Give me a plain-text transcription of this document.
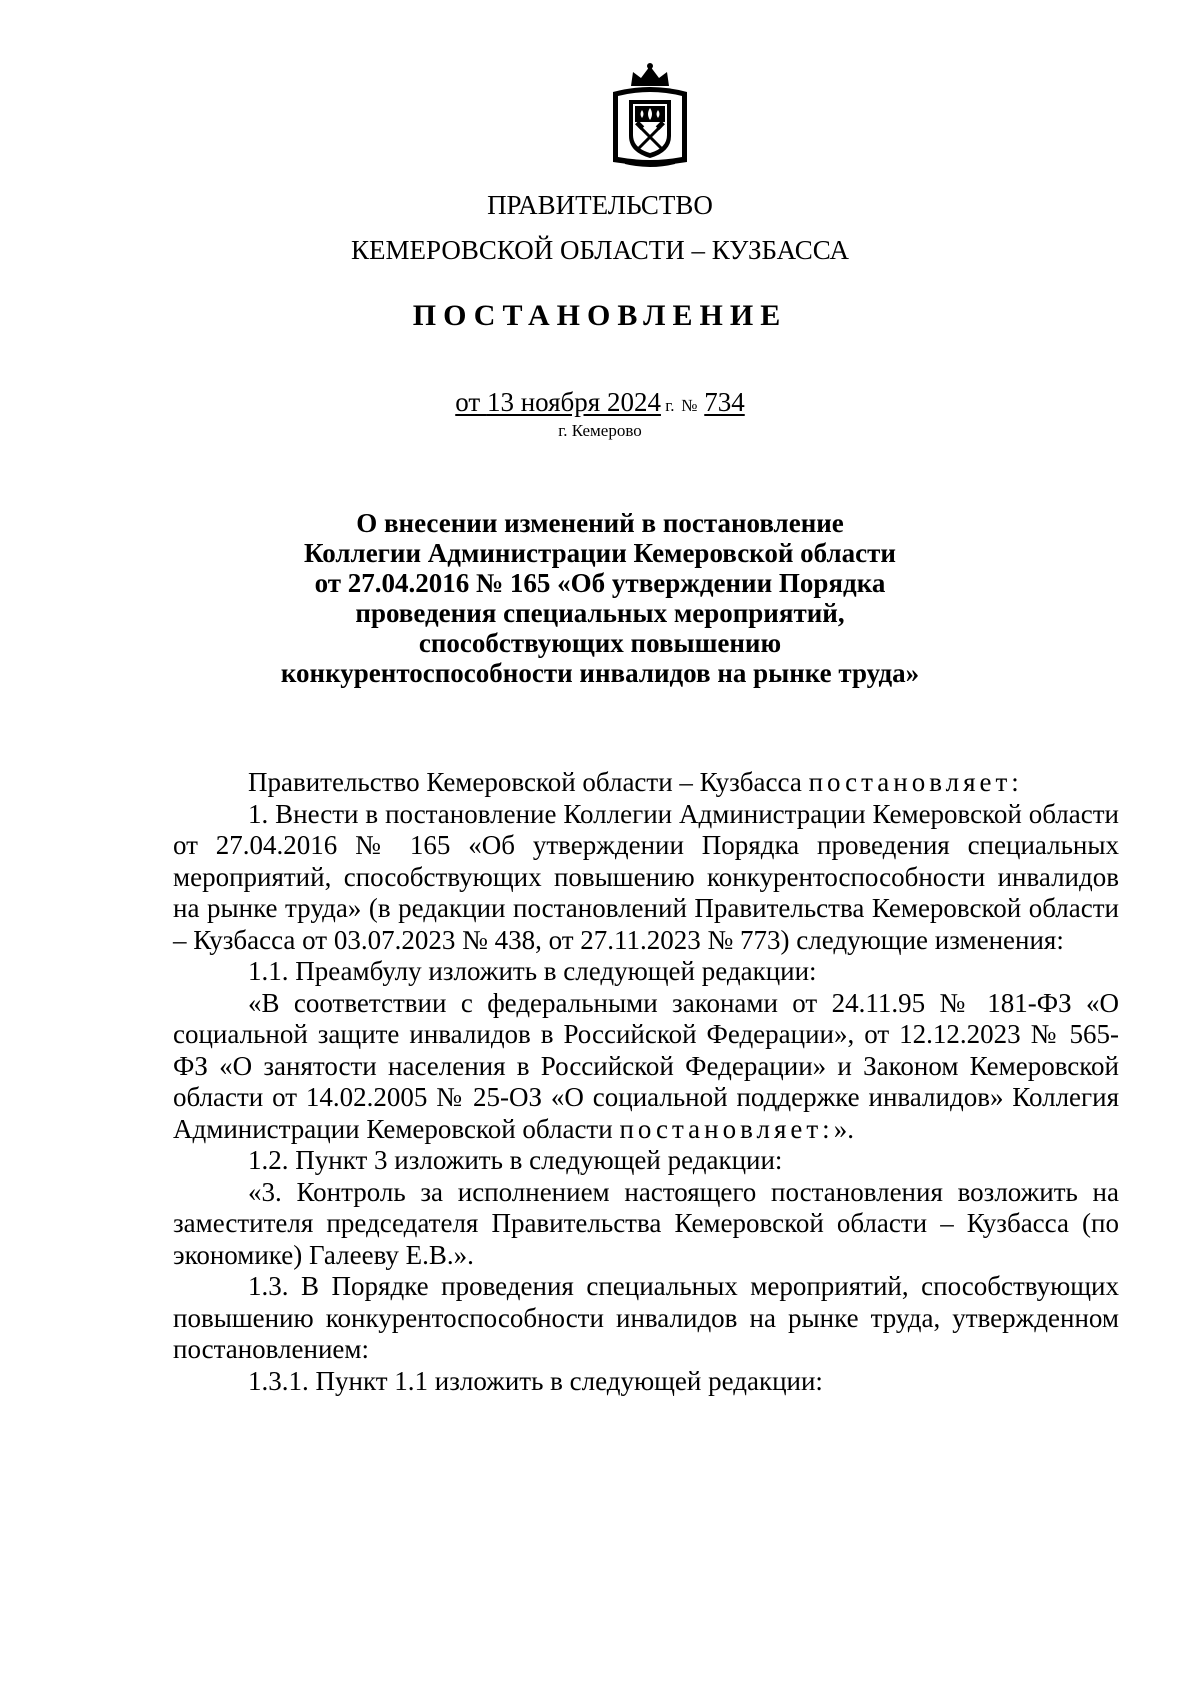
ПРАВИТЕЛЬСТВО
КЕМЕРОВСКОЙ ОБЛАСТИ – КУЗБАССА
ПОСТАНОВЛЕНИЕ
от 13 ноября 2024 г. № 734
г. Кемерово
О внесении изменений в постановление
Коллегии Администрации Кемеровской области
от 27.04.2016 № 165 «Об утверждении Порядка
проведения специальных мероприятий,
способствующих повышению
конкурентоспособности инвалидов на рынке труда»

Правительство Кемеровской области – Кузбасса постановляет:

1. Внести в постановление Коллегии Администрации Кемеровской области от 27.04.2016 № 165 «Об утверждении Порядка проведения специальных мероприятий, способствующих повышению конкурентоспособности инвалидов на рынке труда» (в редакции постановлений Правительства Кемеровской области – Кузбасса от 03.07.2023 № 438, от 27.11.2023 № 773) следующие изменения:

1.1. Преамбулу изложить в следующей редакции:

«В соответствии с федеральными законами от 24.11.95 № 181-ФЗ «О социальной защите инвалидов в Российской Федерации», от 12.12.2023 № 565-ФЗ «О занятости населения в Российской Федерации» и Законом Кемеровской области от 14.02.2005 № 25-ОЗ «О социальной поддержке инвалидов» Коллегия Администрации Кемеровской области постановляет:».

1.2. Пункт 3 изложить в следующей редакции:

«3. Контроль за исполнением настоящего постановления возложить на заместителя председателя Правительства Кемеровской области – Кузбасса (по экономике) Галееву Е.В.».

1.3. В Порядке проведения специальных мероприятий, способствующих повышению конкурентоспособности инвалидов на рынке труда, утвержденном постановлением:

1.3.1. Пункт 1.1 изложить в следующей редакции:
